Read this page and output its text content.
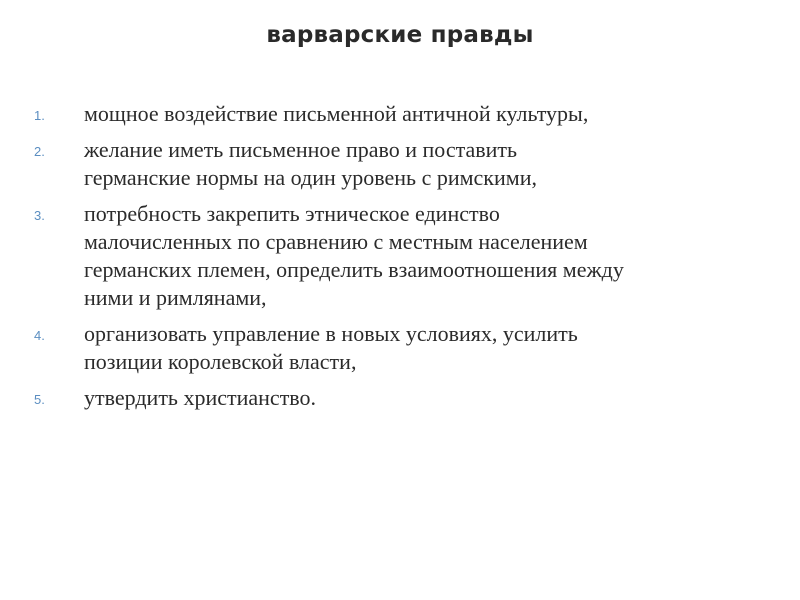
варварские правды
1.	мощное воздействие письменной античной культуры,
2.	желание иметь письменное право и поставить
германские нормы на один уровень с римскими,
3.	потребность закрепить этническое единство
малочисленных по сравнению с местным населением
германских племен, определить взаимоотношения между
ними и римлянами,
4.	организовать управление в новых условиях, усилить
позиции королевской власти,
5.	утвердить христианство.
